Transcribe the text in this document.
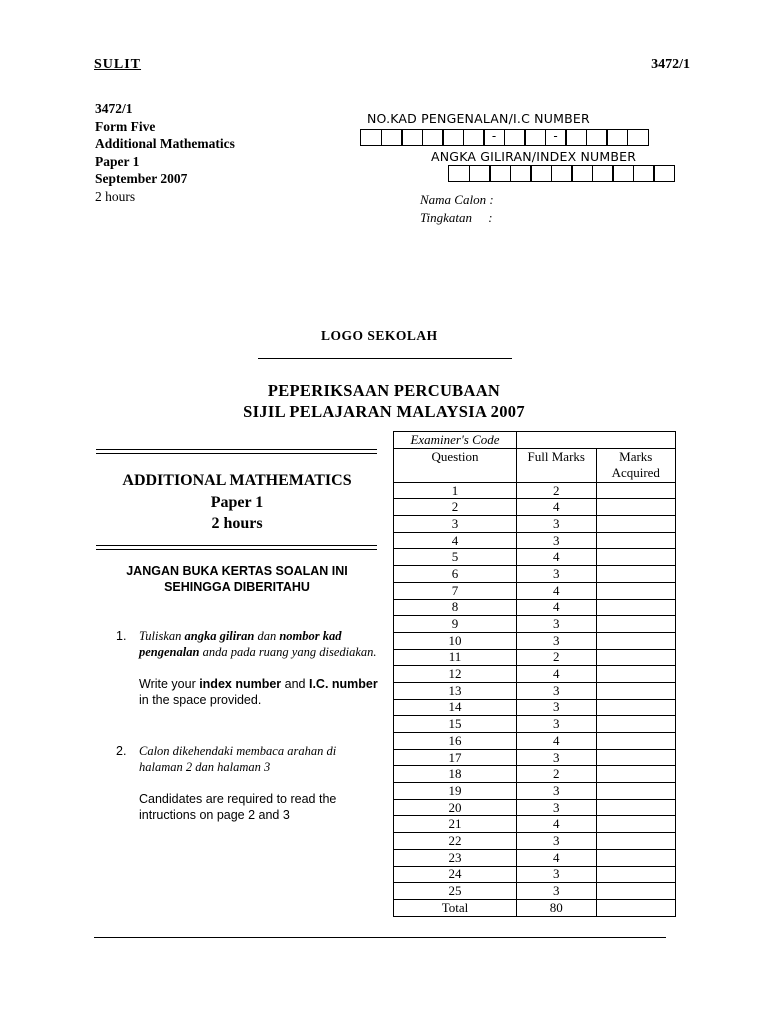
SULIT	3472/1
3472/1
Form Five
Additional Mathematics
Paper 1
September 2007
2 hours
NO.KAD PENGENALAN/I.C NUMBER
-	-
ANGKA GILIRAN/INDEX NUMBER
Nama Calon :
Tingkatan     :
LOGO SEKOLAH
PEPERIKSAAN PERCUBAAN
SIJIL PELAJARAN MALAYSIA 2007
ADDITIONAL MATHEMATICS
Paper 1
2 hours
JANGAN BUKA KERTAS SOALAN INI
SEHINGGA DIBERITAHU
1. Tuliskan angka giliran dan nombor kad pengenalan anda pada ruang yang disediakan.

Write your index number and I.C. number in the space provided.

2. Calon dikehendaki membaca arahan di halaman 2 dan halaman 3

Candidates are required to read the intructions on page 2 and 3

Examiner's Code		
Question	Full Marks	Marks Acquired
1	2	
2	4	
3	3	
4	3	
5	4	
6	3	
7	4	
8	4	
9	3	
10	3	
11	2	
12	4	
13	3	
14	3	
15	3	
16	4	
17	3	
18	2	
19	3	
20	3	
21	4	
22	3	
23	4	
24	3	
25	3	
Total	80	
